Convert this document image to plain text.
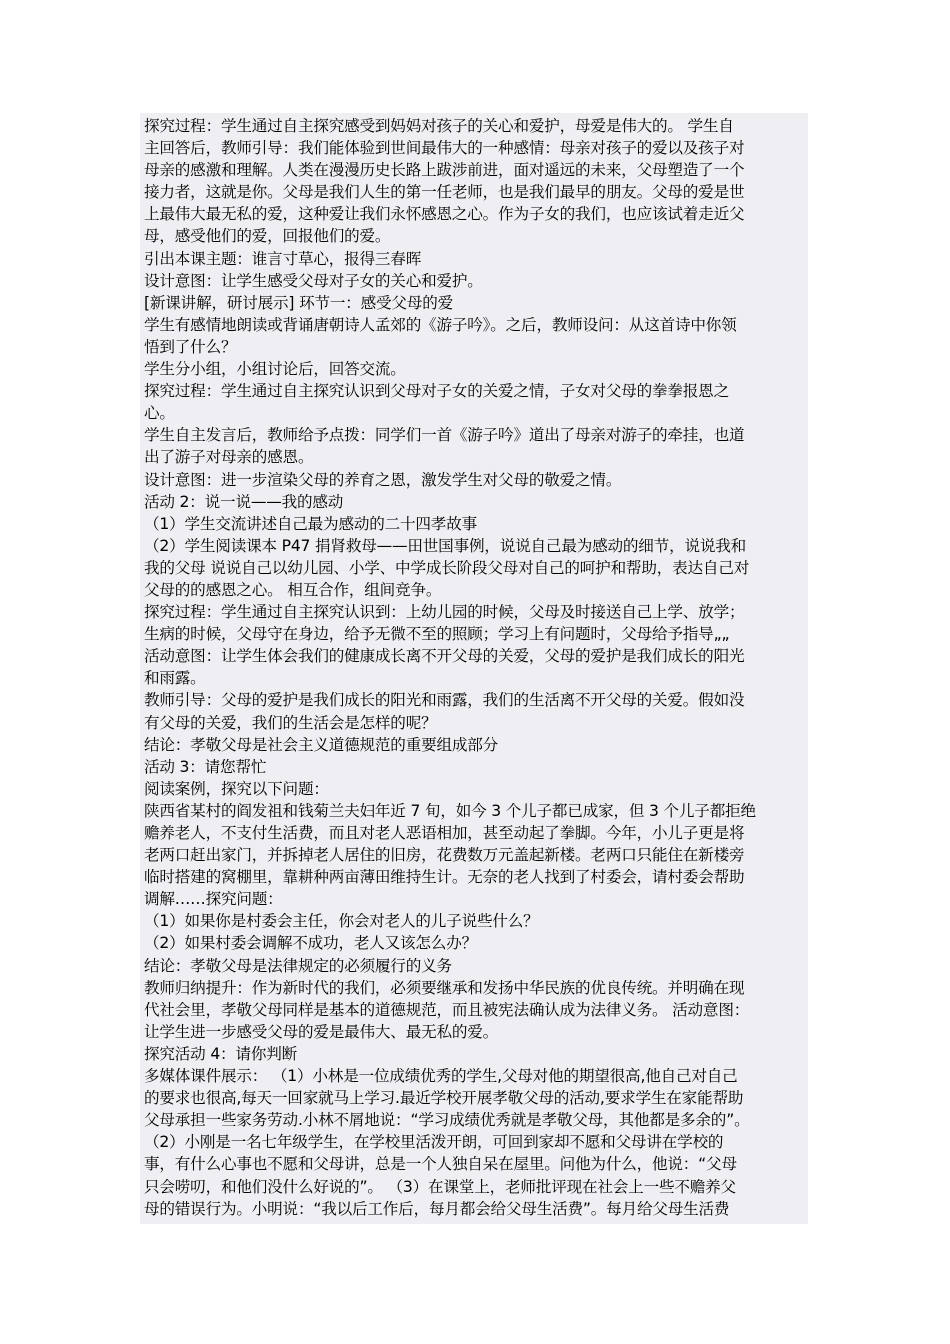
探究过程：学生通过自主探究感受到妈妈对孩子的关心和爱护，母爱是伟大的。 学生自
主回答后，教师引导：我们能体验到世间最伟大的一种感情：母亲对孩子的爱以及孩子对
母亲的感激和理解。人类在漫漫历史长路上跋涉前进，面对遥远的未来，父母塑造了一个
接力者，这就是你。父母是我们人生的第一任老师，也是我们最早的朋友。父母的爱是世
上最伟大最无私的爱，这种爱让我们永怀感恩之心。作为子女的我们，也应该试着走近父
母，感受他们的爱，回报他们的爱。
引出本课主题：谁言寸草心，报得三春晖
设计意图：让学生感受父母对子女的关心和爱护。
[新课讲解，研讨展示] 环节一：感受父母的爱
学生有感情地朗读或背诵唐朝诗人孟郊的《游子吟》。之后，教师设问：从这首诗中你领
悟到了什么？
学生分小组，小组讨论后，回答交流。
探究过程：学生通过自主探究认识到父母对子女的关爱之情，子女对父母的拳拳报恩之
心。
学生自主发言后，教师给予点拨：同学们一首《游子吟》道出了母亲对游子的牵挂，也道
出了游子对母亲的感恩。
设计意图：进一步渲染父母的养育之恩，激发学生对父母的敬爱之情。
活动 2：说一说——我的感动
（1）学生交流讲述自己最为感动的二十四孝故事
（2）学生阅读课本 P47 捐肾救母——田世国事例，说说自己最为感动的细节，说说我和
我的父母 说说自己以幼儿园、小学、中学成长阶段父母对自己的呵护和帮助，表达自己对
父母的的感恩之心。 相互合作，组间竞争。
探究过程：学生通过自主探究认识到：上幼儿园的时候，父母及时接送自己上学、放学；
生病的时候，父母守在身边，给予无微不至的照顾；学习上有问题时，父母给予指导„„
活动意图：让学生体会我们的健康成长离不开父母的关爱，父母的爱护是我们成长的阳光
和雨露。
教师引导：父母的爱护是我们成长的阳光和雨露，我们的生活离不开父母的关爱。假如没
有父母的关爱，我们的生活会是怎样的呢？
结论：孝敬父母是社会主义道德规范的重要组成部分
活动 3：请您帮忙
阅读案例，探究以下问题：
陕西省某村的阎发祖和钱菊兰夫妇年近 7 旬，如今 3 个儿子都已成家，但 3 个儿子都拒绝
赡养老人，不支付生活费，而且对老人恶语相加，甚至动起了拳脚。今年，小儿子更是将
老两口赶出家门，并拆掉老人居住的旧房，花费数万元盖起新楼。老两口只能住在新楼旁
临时搭建的窝棚里，靠耕种两亩薄田维持生计。无奈的老人找到了村委会，请村委会帮助
调解……探究问题：
（1）如果你是村委会主任，你会对老人的儿子说些什么？
（2）如果村委会调解不成功，老人又该怎么办？
结论：孝敬父母是法律规定的必须履行的义务
教师归纳提升：作为新时代的我们，必须要继承和发扬中华民族的优良传统。并明确在现
代社会里，孝敬父母同样是基本的道德规范，而且被宪法确认成为法律义务。 活动意图：
让学生进一步感受父母的爱是最伟大、最无私的爱。
探究活动 4：请你判断
多媒体课件展示： （1）小林是一位成绩优秀的学生,父母对他的期望很高,他自己对自己
的要求也很高,每天一回家就马上学习.最近学校开展孝敬父母的活动,要求学生在家能帮助
父母承担一些家务劳动.小林不屑地说：“学习成绩优秀就是孝敬父母，其他都是多余的”。
（2）小刚是一名七年级学生，在学校里活泼开朗，可回到家却不愿和父母讲在学校的
事，有什么心事也不愿和父母讲，总是一个人独自呆在屋里。问他为什么，他说：“父母
只会唠叨，和他们没什么好说的”。 （3）在课堂上，老师批评现在社会上一些不赡养父
母的错误行为。小明说：“我以后工作后，每月都会给父母生活费”。每月给父母生活费
